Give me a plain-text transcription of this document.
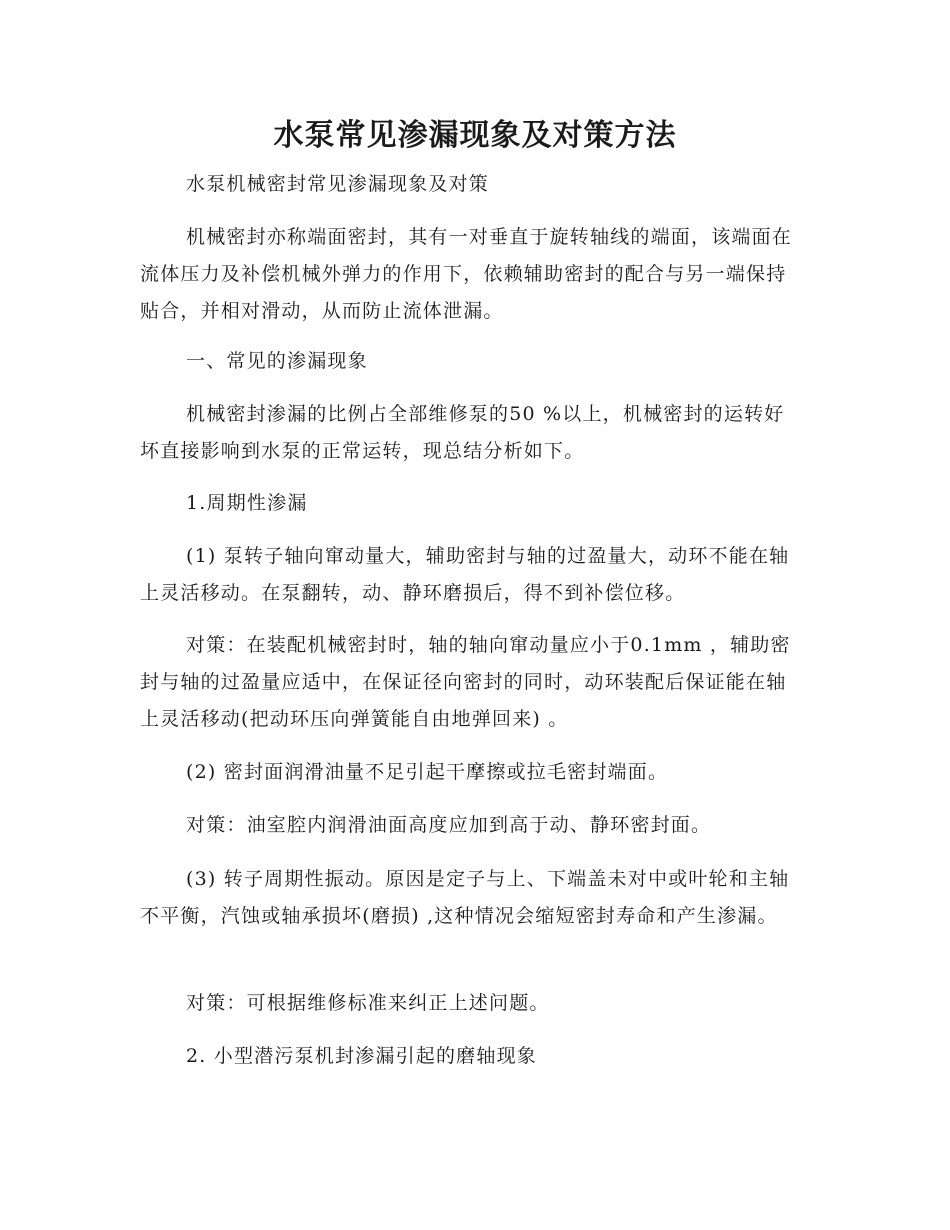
水泵常见渗漏现象及对策方法

水泵机械密封常见渗漏现象及对策

机械密封亦称端面密封，其有一对垂直于旋转轴线的端面，该端面在流体压力及补偿机械外弹力的作用下，依赖辅助密封的配合与另一端保持贴合，并相对滑动，从而防止流体泄漏。

一、常见的渗漏现象

机械密封渗漏的比例占全部维修泵的50 %以上，机械密封的运转好坏直接影响到水泵的正常运转，现总结分析如下。

1.周期性渗漏

(1) 泵转子轴向窜动量大，辅助密封与轴的过盈量大，动环不能在轴上灵活移动。在泵翻转，动、静环磨损后，得不到补偿位移。

对策：在装配机械密封时，轴的轴向窜动量应小于0.1mm ，辅助密封与轴的过盈量应适中，在保证径向密封的同时，动环装配后保证能在轴上灵活移动(把动环压向弹簧能自由地弹回来) 。

(2) 密封面润滑油量不足引起干摩擦或拉毛密封端面。

对策：油室腔内润滑油面高度应加到高于动、静环密封面。

(3) 转子周期性振动。原因是定子与上、下端盖未对中或叶轮和主轴不平衡，汽蚀或轴承损坏(磨损) ,这种情况会缩短密封寿命和产生渗漏。

对策：可根据维修标准来纠正上述问题。

2. 小型潜污泵机封渗漏引起的磨轴现象
